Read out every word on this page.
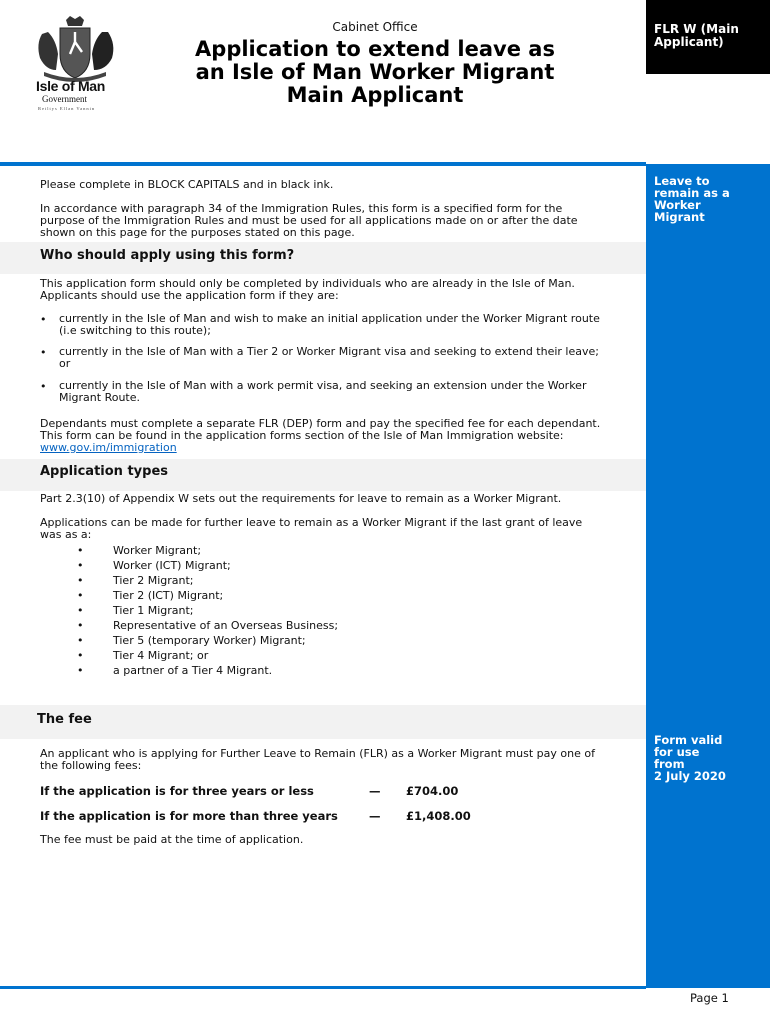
Isle of Man
Government
Reiltys Ellan Vannin
Cabinet Office
Application to extend leave as
an Isle of Man Worker Migrant
Main Applicant
FLR W (Main
Applicant)
Leave to
remain as a
Worker
Migrant
Form valid
for use
from
2 July 2020
Please complete in BLOCK CAPITALS and in black ink.
In accordance with paragraph 34 of the Immigration Rules, this form is a specified form for the
purpose of the Immigration Rules and must be used for all applications made on or after the date
shown on this page for the purposes stated on this page.
Who should apply using this form?
This application form should only be completed by individuals who are already in the Isle of Man.
Applicants should use the application form if they are:
• currently in the Isle of Man and wish to make an initial application under the Worker Migrant route
(i.e switching to this route);
• currently in the Isle of Man with a Tier 2 or Worker Migrant visa and seeking to extend their leave;
or
• currently in the Isle of Man with a work permit visa, and seeking an extension under the Worker
Migrant Route.
Dependants must complete a separate FLR (DEP) form and pay the specified fee for each dependant.
This form can be found in the application forms section of the Isle of Man Immigration website:
www.gov.im/immigration
Application types
Part 2.3(10) of Appendix W sets out the requirements for leave to remain as a Worker Migrant.
Applications can be made for further leave to remain as a Worker Migrant if the last grant of leave
was as a:
•	Worker Migrant;
•	Worker (ICT) Migrant;
•	Tier 2 Migrant;
•	Tier 2 (ICT) Migrant;
•	Tier 1 Migrant;
•	Representative of an Overseas Business;
•	Tier 5 (temporary Worker) Migrant;
•	Tier 4 Migrant; or
•	a partner of a Tier 4 Migrant.
The fee
An applicant who is applying for Further Leave to Remain (FLR) as a Worker Migrant must pay one of
the following fees:
If the application is for three years or less	— £704.00
If the application is for more than three years	— £1,408.00
The fee must be paid at the time of application.
Page 1
